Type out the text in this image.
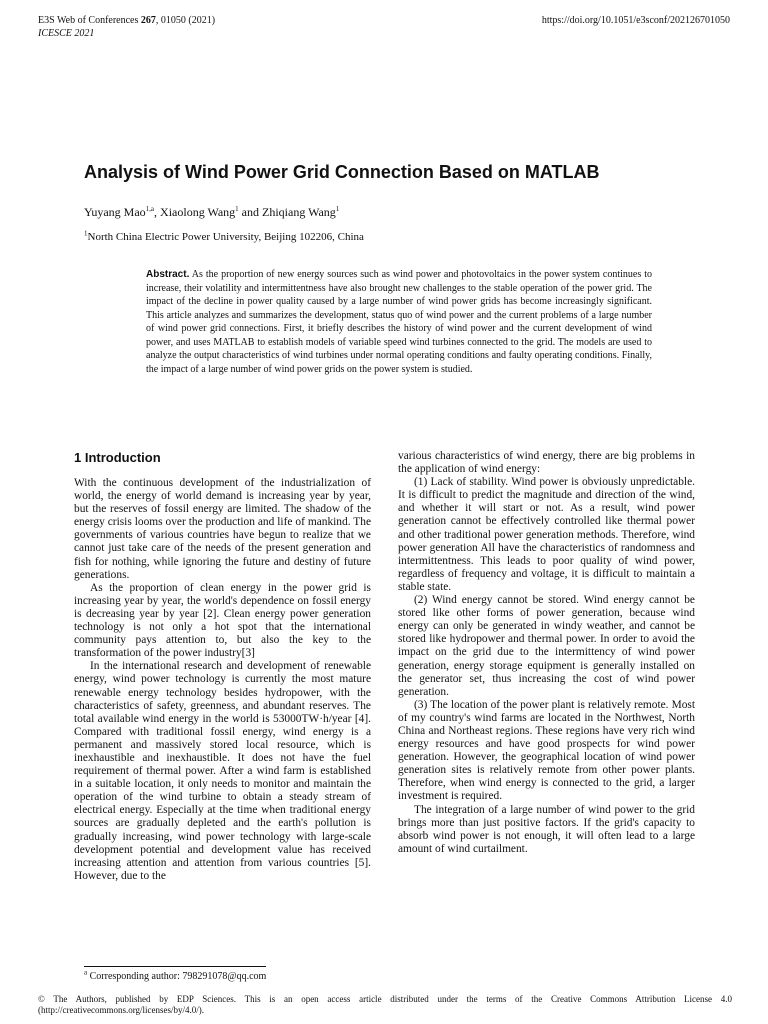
E3S Web of Conferences 267, 01050 (2021)
ICESCE 2021
https://doi.org/10.1051/e3sconf/202126701050
Analysis of Wind Power Grid Connection Based on MATLAB
Yuyang Mao$^{1,a}$, Xiaolong Wang$^1$ and Zhiqiang Wang$^1$
$^1$North China Electric Power University, Beijing 102206, China
Abstract. As the proportion of new energy sources such as wind power and photovoltaics in the power system continues to increase, their volatility and intermittentness have also brought new challenges to the stable operation of the power grid. The impact of the decline in power quality caused by a large number of wind power grids has become increasingly significant. This article analyzes and summarizes the development, status quo of wind power and the current problems of a large number of wind power grid connections. First, it briefly describes the history of wind power and the current development of wind power, and uses MATLAB to establish models of variable speed wind turbines connected to the grid. The models are used to analyze the output characteristics of wind turbines under normal operating conditions and faulty operating conditions. Finally, the impact of a large number of wind power grids on the power system is studied.
1 Introduction

With the continuous development of the industrialization of world, the energy of world demand is increasing year by year, but the reserves of fossil energy are limited. The shadow of the energy crisis looms over the production and life of mankind. The governments of various countries have begun to realize that we cannot just take care of the needs of the present generation and fish for nothing, while ignoring the future and destiny of future generations.

As the proportion of clean energy in the power grid is increasing year by year, the world's dependence on fossil energy is decreasing year by year [2]. Clean energy power generation technology is not only a hot spot that the international community pays attention to, but also the key to the transformation of the power industry[3]

In the international research and development of renewable energy, wind power technology is currently the most mature renewable energy technology besides hydropower, with the characteristics of safety, greenness, and abundant reserves. The total available wind energy in the world is 53000TW·h/year [4]. Compared with traditional fossil energy, wind energy is a permanent and massively stored local resource, which is inexhaustible and inexhaustible. It does not have the fuel requirement of thermal power. After a wind farm is established in a suitable location, it only needs to monitor and maintain the operation of the wind turbine to obtain a steady stream of electrical energy. Especially at the time when traditional energy sources are gradually depleted and the earth's pollution is gradually increasing, wind power technology with large-scale development potential and development value has received increasing attention and attention from various countries [5]. However, due to the

various characteristics of wind energy, there are big problems in the application of wind energy:

(1) Lack of stability. Wind power is obviously unpredictable. It is difficult to predict the magnitude and direction of the wind, and whether it will start or not. As a result, wind power generation cannot be effectively controlled like thermal power and other traditional power generation methods. Therefore, wind power generation All have the characteristics of randomness and intermittentness. This leads to poor quality of wind power, regardless of frequency and voltage, it is difficult to maintain a stable state.

(2) Wind energy cannot be stored. Wind energy cannot be stored like other forms of power generation, because wind energy can only be generated in windy weather, and cannot be stored like hydropower and thermal power. In order to avoid the impact on the grid due to the intermittency of wind power generation, energy storage equipment is generally installed on the generator set, thus increasing the cost of wind power generation.

(3) The location of the power plant is relatively remote. Most of my country's wind farms are located in the Northwest, North China and Northeast regions. These regions have very rich wind energy resources and have good prospects for wind power generation. However, the geographical location of wind power generation sites is relatively remote from other power plants. Therefore, when wind energy is connected to the grid, a larger investment is required.

The integration of a large number of wind power to the grid brings more than just positive factors. If the grid's capacity to absorb wind power is not enough, it will often lead to a large amount of wind curtailment.

$^a$ Corresponding author: 798291078@qq.com
© The Authors, published by EDP Sciences. This is an open access article distributed under the terms of the Creative Commons Attribution License 4.0 (http://creativecommons.org/licenses/by/4.0/).
